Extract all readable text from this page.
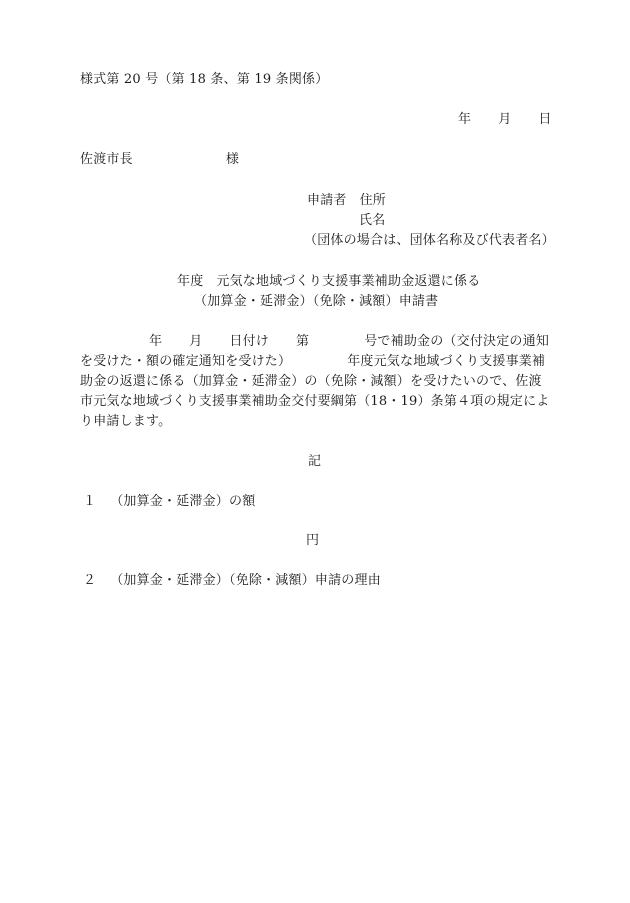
様式第 20 号（第 18 条、第 19 条関係）
年 月 日
佐渡市長	様
申請者 住所
氏名
（団体の場合は、団体名称及び代表者名）
年度 元気な地域づくり支援事業補助金返還に係る
（加算金・延滞金）（免除・減額）申請書
年 月 日付け 第	号で補助金の（交付決定の通知
を受けた・額の確定通知を受けた）	年度元気な地域づくり支援事業補
助金の返還に係る（加算金・延滞金）の（免除・減額）を受けたいので、佐渡
市元気な地域づくり支援事業補助金交付要綱第（18・19）条第４項の規定によ
り申請します。
記
１ （加算金・延滞金）の額
円
２ （加算金・延滞金）（免除・減額）申請の理由
